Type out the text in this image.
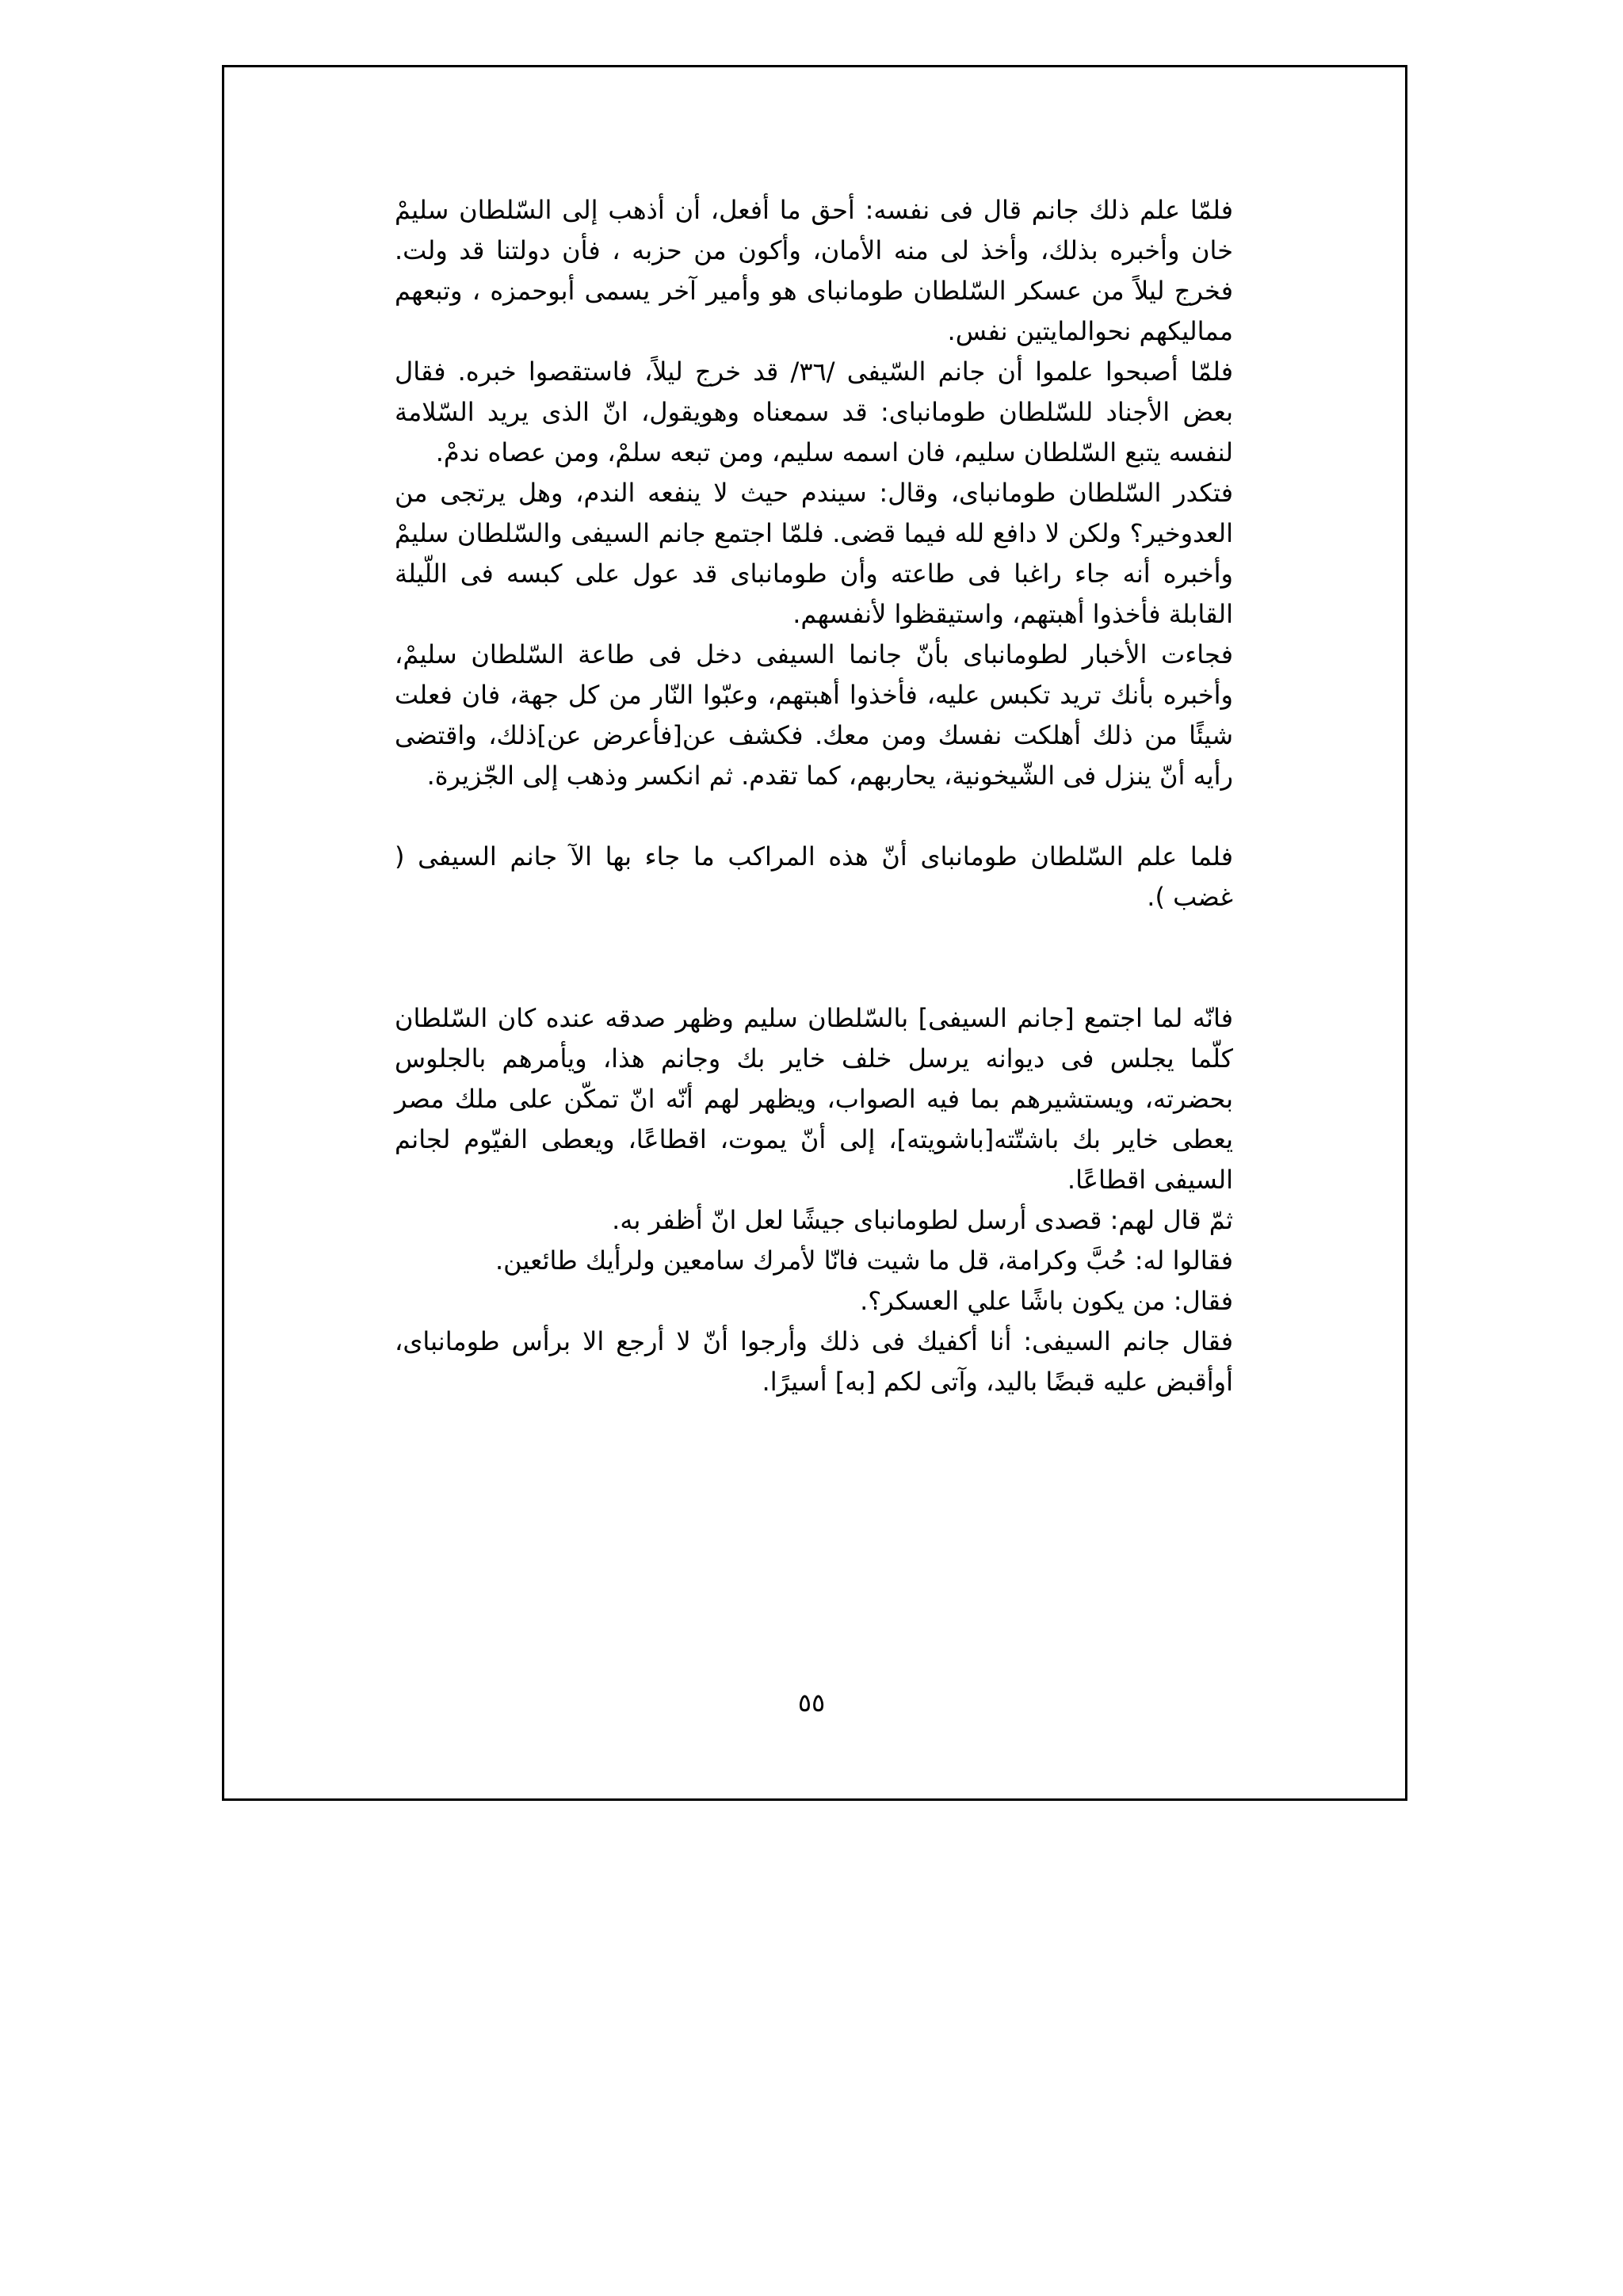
فلمّا علم ذلك جانم قال فى نفسه: أحق ما أفعل، أن أذهب إلى السّلطان سليمْ خان وأخبره بذلك، وأخذ لى منه الأمان، وأكون من حزبه ، فأن دولتنا قد ولت. فخرج ليلاً من عسكر السّلطان طومانباى هو وأمير آخر يسمى أبوحمزه ، وتبعهم مماليكهم نحوالمايتين نفس.

فلمّا أصبحوا علموا أن جانم السّيفى /٣٦/ قد خرج ليلاً، فاستقصوا خبره. فقال بعض الأجناد للسّلطان طومانباى: قد سمعناه وهويقول، انّ الذى يريد السّلامة لنفسه يتبع السّلطان سليم، فان اسمه سليم، ومن تبعه سلمْ، ومن عصاه ندمْ.

فتكدر السّلطان طومانباى، وقال: سيندم حيث لا ينفعه الندم، وهل يرتجى من العدوخير؟ ولكن لا دافع لله فيما قضى. فلمّا اجتمع جانم السيفى والسّلطان سليمْ وأخبره أنه جاء راغبا فى طاعته وأن طومانباى قد عول على كبسه فى اللّيلة القابلة فأخذوا أهبتهم، واستيقظوا لأنفسهم.

فجاءت الأخبار لطومانباى بأنّ جانما السيفى دخل فى طاعة السّلطان سليمْ، وأخبره بأنك تريد تكبس عليه، فأخذوا أهبتهم، وعبّوا النّار من كل جهة، فان فعلت شيئًا من ذلك أهلكت نفسك ومن معك. فكشف عن[فأعرض عن]ذلك، واقتضى رأيه أنّ ينزل فى الشّيخونية، يحاربهم، كما تقدم. ثم انكسر وذهب إلى الجّزيرة.

فلما علم السّلطان طومانباى أنّ هذه المراكب ما جاء بها الآ جانم السيفى ( غضب ).

فانّه لما اجتمع [جانم السيفى] بالسّلطان سليم وظهر صدقه عنده كان السّلطان كلّما يجلس فى ديوانه يرسل خلف خاير بك وجانم هذا، ويأمرهم بالجلوس بحضرته، ويستشيرهم بما فيه الصواب، ويظهر لهم أنّه انّ تمكّن على ملك مصر يعطى خاير بك باشتّته[باشويته]، إلى أنّ يموت، اقطاعًا، ويعطى الفيّوم لجانم السيفى اقطاعًا.

ثمّ قال لهم: قصدى أرسل لطومانباى جيشًا لعل انّ أظفر به.

فقالوا له: حُبَّ وكرامة، قل ما شيت فانّا لأمرك سامعين ولرأيك طائعين.

فقال: من يكون باشًا علي العسكر؟.

فقال جانم السيفى: أنا أكفيك فى ذلك وأرجوا أنّ لا أرجع الا برأس طومانباى، أوأقبض عليه قبضًا باليد، وآتى لكم [به] أسيرًا.

٥٥
